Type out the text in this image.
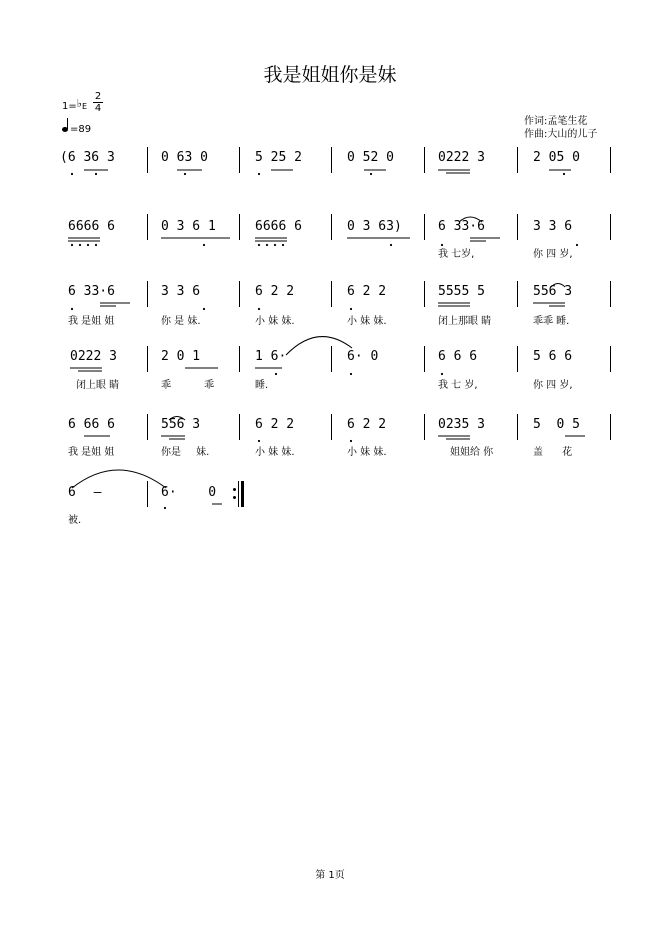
我是姐姐你是妹
1=♭E
2
4
=89
作词:孟笔生花
作曲:大山的儿子
(6 36 3	0 63 0	5 25 2	0 52 0	0222 3	2 05 0
6666 6	0 3 6 1	6666 6	0 3 63)	6 33·6
我 七岁,
3 3 6
你 四 岁,
6 33·6
我 是姐 姐
3 3 6
你 是 妹.
6 2 2
小 妹 妹.
6 2 2
小 妹 妹.
5555 5
闭上那眼 睛
556 3
乖乖 睡.
0222 3
闭上眼 睛
2 0 1
乖 乖
1 6·
睡.
6· 0	6 6 6
我 七 岁,
5 6 6
你 四 岁,
6 66 6
我 是姐 姐
556 3
你是 妹.
6 2 2
小 妹 妹.
6 2 2
小 妹 妹.
0235 3
姐姐给 你
5  0 5
盖      花
6 –
被.
6·  0
第 1页
